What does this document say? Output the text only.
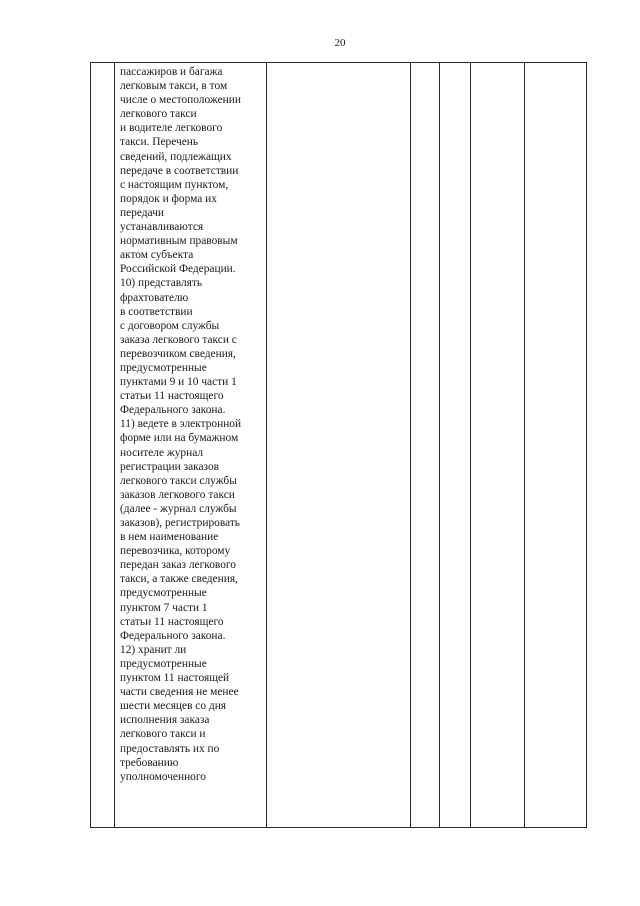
20

пассажиров и багажа
легковым такси, в том
числе о местоположении
легкового такси
и водителе легкового
такси. Перечень
сведений, подлежащих
передаче в соответствии
с настоящим пунктом,
порядок и форма их
передачи
устанавливаются
нормативным правовым
актом субъекта
Российской Федерации.
10) представлять
фрахтователю
в соответствии
с договором службы
заказа легкового такси с
перевозчиком сведения,
предусмотренные
пунктами 9 и 10 части 1
статьи 11 настоящего
Федерального закона.
11) ведете в электронной
форме или на бумажном
носителе журнал
регистрации заказов
легкового такси службы
заказов легкового такси
(далее - журнал службы
заказов), регистрировать
в нем наименование
перевозчика, которому
передан заказ легкового
такси, а также сведения,
предусмотренные
пунктом 7 части 1
статьи 11 настоящего
Федерального закона.
12) хранит ли
предусмотренные
пунктом 11 настоящей
части сведения не менее
шести месяцев со дня
исполнения заказа
легкового такси и
предоставлять их по
требованию
уполномоченного
